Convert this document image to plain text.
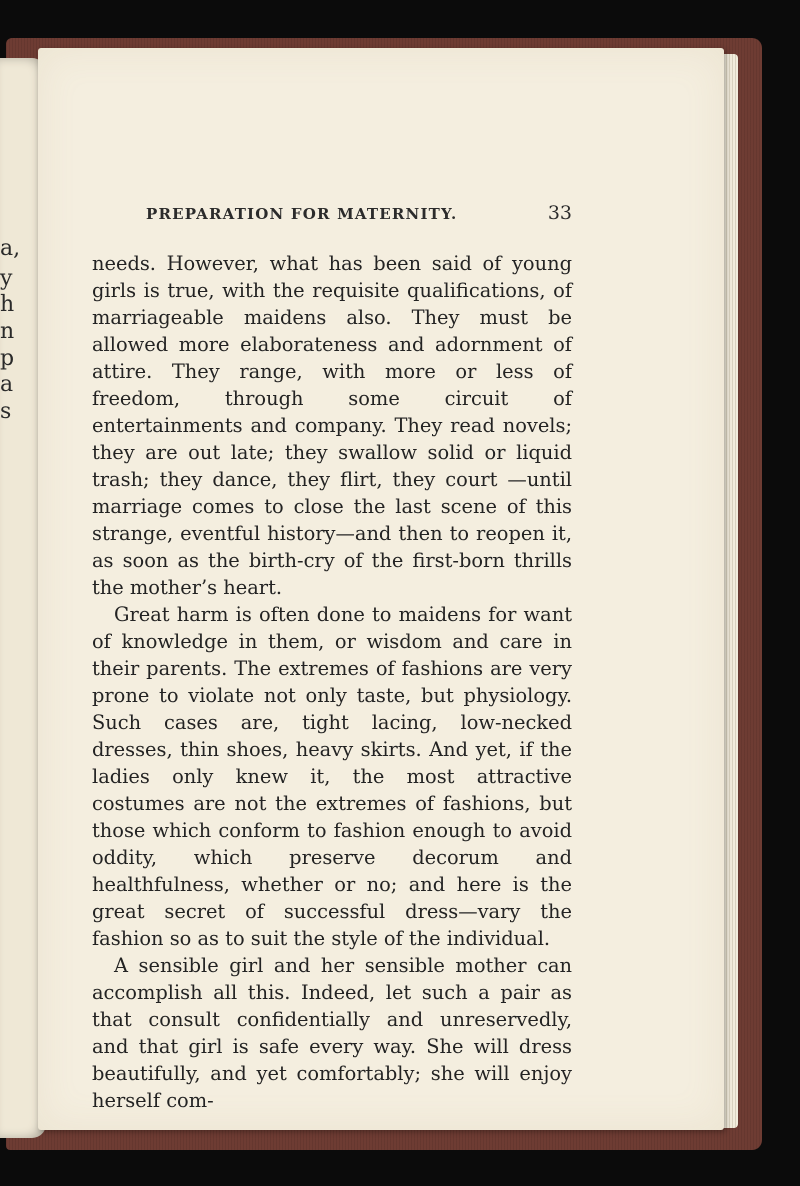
a,
y
h
n
p
a
s
PREPARATION FOR MATERNITY.	33

needs. However, what has been said of young girls is true, with the requisite qualifications, of marriageable maidens also. They must be allowed more elaborateness and adornment of attire. They range, with more or less of freedom, through some circuit of entertainments and company. They read novels; they are out late; they swallow solid or liquid trash; they dance, they flirt, they court —until marriage comes to close the last scene of this strange, eventful history—and then to reopen it, as soon as the birth-cry of the first-born thrills the mother’s heart.

Great harm is often done to maidens for want of knowledge in them, or wisdom and care in their parents. The extremes of fashions are very prone to violate not only taste, but physiology. Such cases are, tight lacing, low-necked dresses, thin shoes, heavy skirts. And yet, if the ladies only knew it, the most attractive costumes are not the extremes of fashions, but those which conform to fashion enough to avoid oddity, which preserve decorum and healthfulness, whether or no; and here is the great secret of successful dress—vary the fashion so as to suit the style of the individual.

A sensible girl and her sensible mother can accomplish all this. Indeed, let such a pair as that consult confidentially and unreservedly, and that girl is safe every way. She will dress beautifully, and yet comfortably; she will enjoy herself com-
